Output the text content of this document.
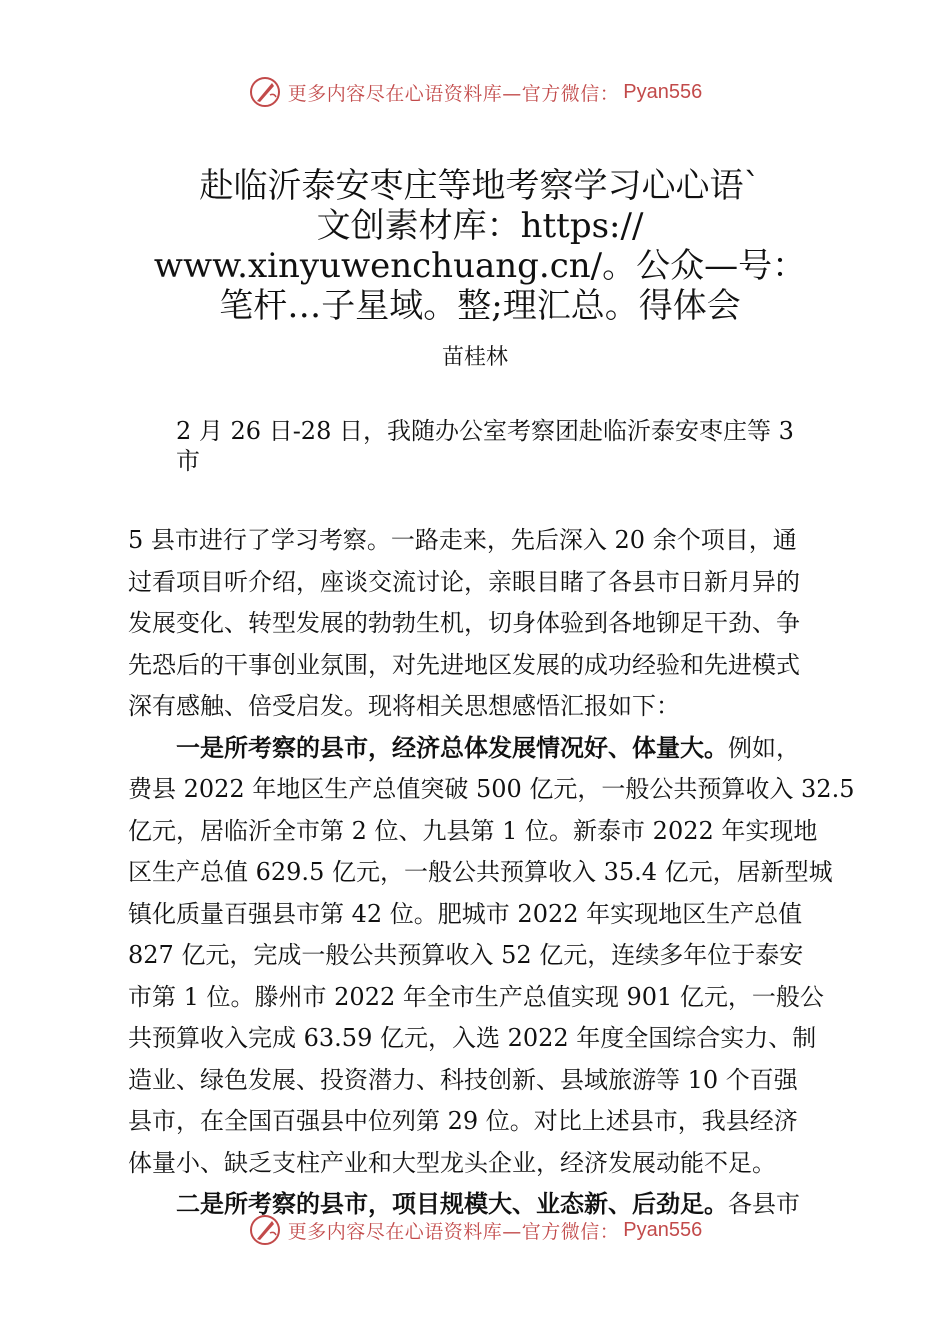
更多内容尽在心语资料库—官方微信： Pyan556
赴临沂泰安枣庄等地考察学习心心语`
文创素材库：https://
www.xinyuwenchuang.cn/。公众—号：
笔杆…子星域。整;理汇总。得体会
苗桂林
2 月 26 日-28 日，我随办公室考察团赴临沂泰安枣庄等 3
市
5 县市进行了学习考察。一路走来，先后深入 20 余个项目，通
过看项目听介绍，座谈交流讨论，亲眼目睹了各县市日新月异的
发展变化、转型发展的勃勃生机，切身体验到各地铆足干劲、争
先恐后的干事创业氛围，对先进地区发展的成功经验和先进模式
深有感触、倍受启发。现将相关思想感悟汇报如下：
一是所考察的县市，经济总体发展情况好、体量大。例如，
费县 2022 年地区生产总值突破 500 亿元，一般公共预算收入 32.5
亿元，居临沂全市第 2 位、九县第 1 位。新泰市 2022 年实现地
区生产总值 629.5 亿元，一般公共预算收入 35.4 亿元，居新型城
镇化质量百强县市第 42 位。肥城市 2022 年实现地区生产总值
827 亿元，完成一般公共预算收入 52 亿元，连续多年位于泰安
市第 1 位。滕州市 2022 年全市生产总值实现 901 亿元，一般公
共预算收入完成 63.59 亿元，入选 2022 年度全国综合实力、制
造业、绿色发展、投资潜力、科技创新、县域旅游等 10 个百强
县市，在全国百强县中位列第 29 位。对比上述县市，我县经济
体量小、缺乏支柱产业和大型龙头企业，经济发展动能不足。
二是所考察的县市，项目规模大、业态新、后劲足。各县市
更多内容尽在心语资料库—官方微信： Pyan556
